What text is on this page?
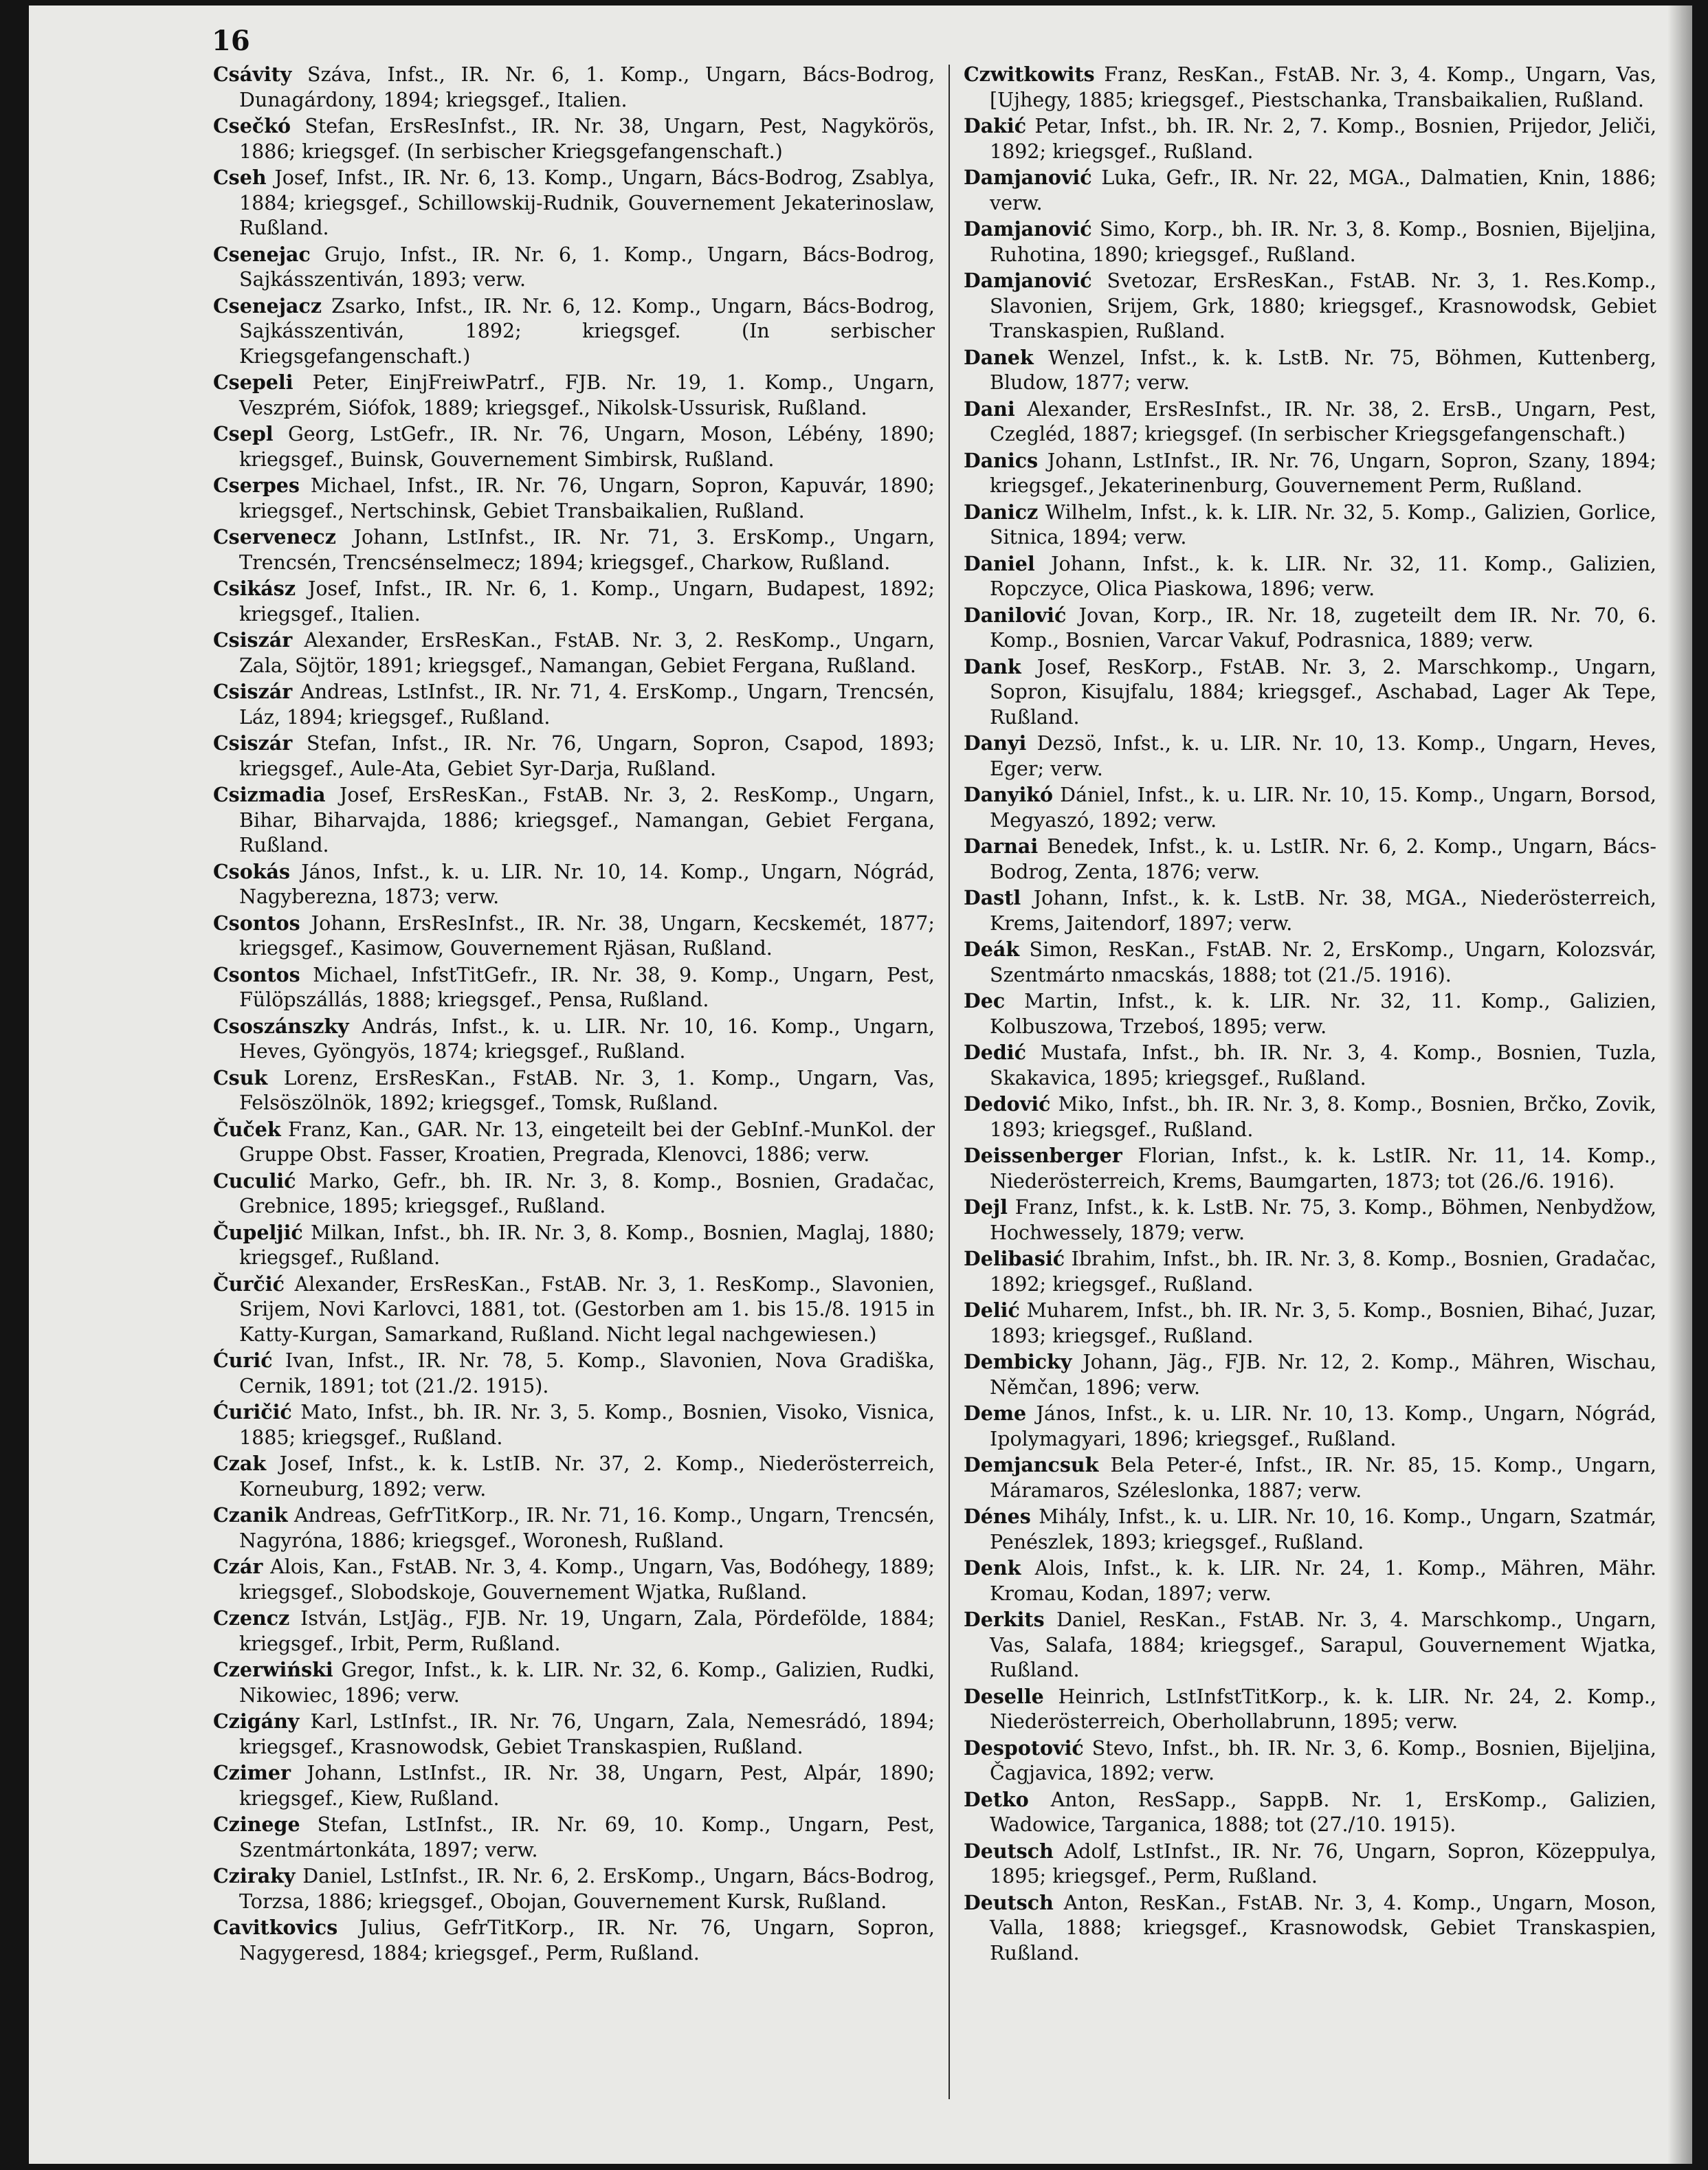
16

Csávity Száva, Infst., IR. Nr. 6, 1. Komp., Ungarn, Bács-Bodrog, Dunagárdony, 1894; kriegsgef., Italien.

Csečkó Stefan, ErsResInfst., IR. Nr. 38, Ungarn, Pest, Nagykörös, 1886; kriegsgef. (In serbischer Kriegsgefangenschaft.)

Cseh Josef, Infst., IR. Nr. 6, 13. Komp., Ungarn, Bács-Bodrog, Zsablya, 1884; kriegsgef., Schillowskij-Rudnik, Gouvernement Jekaterinoslaw, Rußland.

Csenejac Grujo, Infst., IR. Nr. 6, 1. Komp., Ungarn, Bács-Bodrog, Sajkásszentiván, 1893; verw.

Csenejacz Zsarko, Infst., IR. Nr. 6, 12. Komp., Ungarn, Bács-Bodrog, Sajkásszentiván, 1892; kriegsgef. (In serbischer Kriegsgefangenschaft.)

Csepeli Peter, EinjFreiwPatrf., FJB. Nr. 19, 1. Komp., Ungarn, Veszprém, Siófok, 1889; kriegsgef., Nikolsk-Ussurisk, Rußland.

Csepl Georg, LstGefr., IR. Nr. 76, Ungarn, Moson, Lébény, 1890; kriegsgef., Buinsk, Gouvernement Simbirsk, Rußland.

Cserpes Michael, Infst., IR. Nr. 76, Ungarn, Sopron, Kapuvár, 1890; kriegsgef., Nertschinsk, Gebiet Transbaikalien, Rußland.

Cservenecz Johann, LstInfst., IR. Nr. 71, 3. ErsKomp., Ungarn, Trencsén, Trencsénselmecz; 1894; kriegsgef., Charkow, Rußland.

Csikász Josef, Infst., IR. Nr. 6, 1. Komp., Ungarn, Budapest, 1892; kriegsgef., Italien.

Csiszár Alexander, ErsResKan., FstAB. Nr. 3, 2. ResKomp., Ungarn, Zala, Söjtör, 1891; kriegsgef., Namangan, Gebiet Fergana, Rußland.

Csiszár Andreas, LstInfst., IR. Nr. 71, 4. ErsKomp., Ungarn, Trencsén, Láz, 1894; kriegsgef., Rußland.

Csiszár Stefan, Infst., IR. Nr. 76, Ungarn, Sopron, Csapod, 1893; kriegsgef., Aule-Ata, Gebiet Syr-Darja, Rußland.

Csizmadia Josef, ErsResKan., FstAB. Nr. 3, 2. ResKomp., Ungarn, Bihar, Biharvajda, 1886; kriegsgef., Namangan, Gebiet Fergana, Rußland.

Csokás János, Infst., k. u. LIR. Nr. 10, 14. Komp., Ungarn, Nógrád, Nagyberezna, 1873; verw.

Csontos Johann, ErsResInfst., IR. Nr. 38, Ungarn, Kecskemét, 1877; kriegsgef., Kasimow, Gouvernement Rjäsan, Rußland.

Csontos Michael, InfstTitGefr., IR. Nr. 38, 9. Komp., Ungarn, Pest, Fülöpszállás, 1888; kriegsgef., Pensa, Rußland.

Csoszánszky András, Infst., k. u. LIR. Nr. 10, 16. Komp., Ungarn, Heves, Gyöngyös, 1874; kriegsgef., Rußland.

Csuk Lorenz, ErsResKan., FstAB. Nr. 3, 1. Komp., Ungarn, Vas, Felsöszölnök, 1892; kriegsgef., Tomsk, Rußland.

Čuček Franz, Kan., GAR. Nr. 13, eingeteilt bei der GebInf.-MunKol. der Gruppe Obst. Fasser, Kroatien, Pregrada, Klenovci, 1886; verw.

Cuculić Marko, Gefr., bh. IR. Nr. 3, 8. Komp., Bosnien, Gradačac, Grebnice, 1895; kriegsgef., Rußland.

Čupeljić Milkan, Infst., bh. IR. Nr. 3, 8. Komp., Bosnien, Maglaj, 1880; kriegsgef., Rußland.

Čurčić Alexander, ErsResKan., FstAB. Nr. 3, 1. ResKomp., Slavonien, Srijem, Novi Karlovci, 1881, tot. (Gestorben am 1. bis 15./8. 1915 in Katty-Kurgan, Samarkand, Rußland. Nicht legal nachgewiesen.)

Ćurić Ivan, Infst., IR. Nr. 78, 5. Komp., Slavonien, Nova Gradiška, Cernik, 1891; tot (21./2. 1915).

Ćuričić Mato, Infst., bh. IR. Nr. 3, 5. Komp., Bosnien, Visoko, Visnica, 1885; kriegsgef., Rußland.

Czak Josef, Infst., k. k. LstIB. Nr. 37, 2. Komp., Niederösterreich, Korneuburg, 1892; verw.

Czanik Andreas, GefrTitKorp., IR. Nr. 71, 16. Komp., Ungarn, Trencsén, Nagyróna, 1886; kriegsgef., Woronesh, Rußland.

Czár Alois, Kan., FstAB. Nr. 3, 4. Komp., Ungarn, Vas, Bodóhegy, 1889; kriegsgef., Slobodskoje, Gouvernement Wjatka, Rußland.

Czencz István, LstJäg., FJB. Nr. 19, Ungarn, Zala, Pördefölde, 1884; kriegsgef., Irbit, Perm, Rußland.

Czerwiński Gregor, Infst., k. k. LIR. Nr. 32, 6. Komp., Galizien, Rudki, Nikowiec, 1896; verw.

Czigány Karl, LstInfst., IR. Nr. 76, Ungarn, Zala, Nemesrádó, 1894; kriegsgef., Krasnowodsk, Gebiet Transkaspien, Rußland.

Czimer Johann, LstInfst., IR. Nr. 38, Ungarn, Pest, Alpár, 1890; kriegsgef., Kiew, Rußland.

Czinege Stefan, LstInfst., IR. Nr. 69, 10. Komp., Ungarn, Pest, Szentmártonkáta, 1897; verw.

Cziraky Daniel, LstInfst., IR. Nr. 6, 2. ErsKomp., Ungarn, Bács-Bodrog, Torzsa, 1886; kriegsgef., Obojan, Gouvernement Kursk, Rußland.

Cavitkovics Julius, GefrTitKorp., IR. Nr. 76, Ungarn, Sopron, Nagygeresd, 1884; kriegsgef., Perm, Rußland.

Czwitkowits Franz, ResKan., FstAB. Nr. 3, 4. Komp., Ungarn, Vas, [Ujhegy, 1885; kriegsgef., Piestschanka, Transbaikalien, Rußland.

Dakić Petar, Infst., bh. IR. Nr. 2, 7. Komp., Bosnien, Prijedor, Jeliči, 1892; kriegsgef., Rußland.

Damjanović Luka, Gefr., IR. Nr. 22, MGA., Dalmatien, Knin, 1886; verw.

Damjanović Simo, Korp., bh. IR. Nr. 3, 8. Komp., Bosnien, Bijeljina, Ruhotina, 1890; kriegsgef., Rußland.

Damjanović Svetozar, ErsResKan., FstAB. Nr. 3, 1. Res.Komp., Slavonien, Srijem, Grk, 1880; kriegsgef., Krasnowodsk, Gebiet Transkaspien, Rußland.

Danek Wenzel, Infst., k. k. LstB. Nr. 75, Böhmen, Kuttenberg, Bludow, 1877; verw.

Dani Alexander, ErsResInfst., IR. Nr. 38, 2. ErsB., Ungarn, Pest, Czegléd, 1887; kriegsgef. (In serbischer Kriegsgefangenschaft.)

Danics Johann, LstInfst., IR. Nr. 76, Ungarn, Sopron, Szany, 1894; kriegsgef., Jekaterinenburg, Gouvernement Perm, Rußland.

Danicz Wilhelm, Infst., k. k. LIR. Nr. 32, 5. Komp., Galizien, Gorlice, Sitnica, 1894; verw.

Daniel Johann, Infst., k. k. LIR. Nr. 32, 11. Komp., Galizien, Ropczyce, Olica Piaskowa, 1896; verw.

Danilović Jovan, Korp., IR. Nr. 18, zugeteilt dem IR. Nr. 70, 6. Komp., Bosnien, Varcar Vakuf, Podrasnica, 1889; verw.

Dank Josef, ResKorp., FstAB. Nr. 3, 2. Marschkomp., Ungarn, Sopron, Kisujfalu, 1884; kriegsgef., Aschabad, Lager Ak Tepe, Rußland.

Danyi Dezsö, Infst., k. u. LIR. Nr. 10, 13. Komp., Ungarn, Heves, Eger; verw.

Danyikó Dániel, Infst., k. u. LIR. Nr. 10, 15. Komp., Ungarn, Borsod, Megyaszó, 1892; verw.

Darnai Benedek, Infst., k. u. LstIR. Nr. 6, 2. Komp., Ungarn, Bács-Bodrog, Zenta, 1876; verw.

Dastl Johann, Infst., k. k. LstB. Nr. 38, MGA., Niederösterreich, Krems, Jaitendorf, 1897; verw.

Deák Simon, ResKan., FstAB. Nr. 2, ErsKomp., Ungarn, Kolozsvár, Szentmárto nmacskás, 1888; tot (21./5. 1916).

Dec Martin, Infst., k. k. LIR. Nr. 32, 11. Komp., Galizien, Kolbuszowa, Trzeboś, 1895; verw.

Dedić Mustafa, Infst., bh. IR. Nr. 3, 4. Komp., Bosnien, Tuzla, Skakavica, 1895; kriegsgef., Rußland.

Dedović Miko, Infst., bh. IR. Nr. 3, 8. Komp., Bosnien, Brčko, Zovik, 1893; kriegsgef., Rußland.

Deissenberger Florian, Infst., k. k. LstIR. Nr. 11, 14. Komp., Niederösterreich, Krems, Baumgarten, 1873; tot (26./6. 1916).

Dejl Franz, Infst., k. k. LstB. Nr. 75, 3. Komp., Böhmen, Nenbydžow, Hochwessely, 1879; verw.

Delibasić Ibrahim, Infst., bh. IR. Nr. 3, 8. Komp., Bosnien, Gradačac, 1892; kriegsgef., Rußland.

Delić Muharem, Infst., bh. IR. Nr. 3, 5. Komp., Bosnien, Bihać, Juzar, 1893; kriegsgef., Rußland.

Dembicky Johann, Jäg., FJB. Nr. 12, 2. Komp., Mähren, Wischau, Němčan, 1896; verw.

Deme János, Infst., k. u. LIR. Nr. 10, 13. Komp., Ungarn, Nógrád, Ipolymagyari, 1896; kriegsgef., Rußland.

Demjancsuk Bela Peter-é, Infst., IR. Nr. 85, 15. Komp., Ungarn, Máramaros, Széleslonka, 1887; verw.

Dénes Mihály, Infst., k. u. LIR. Nr. 10, 16. Komp., Ungarn, Szatmár, Penészlek, 1893; kriegsgef., Rußland.

Denk Alois, Infst., k. k. LIR. Nr. 24, 1. Komp., Mähren, Mähr. Kromau, Kodan, 1897; verw.

Derkits Daniel, ResKan., FstAB. Nr. 3, 4. Marschkomp., Ungarn, Vas, Salafa, 1884; kriegsgef., Sarapul, Gouvernement Wjatka, Rußland.

Deselle Heinrich, LstInfstTitKorp., k. k. LIR. Nr. 24, 2. Komp., Niederösterreich, Oberhollabrunn, 1895; verw.

Despotović Stevo, Infst., bh. IR. Nr. 3, 6. Komp., Bosnien, Bijeljina, Čagjavica, 1892; verw.

Detko Anton, ResSapp., SappB. Nr. 1, ErsKomp., Galizien, Wadowice, Targanica, 1888; tot (27./10. 1915).

Deutsch Adolf, LstInfst., IR. Nr. 76, Ungarn, Sopron, Közeppulya, 1895; kriegsgef., Perm, Rußland.

Deutsch Anton, ResKan., FstAB. Nr. 3, 4. Komp., Ungarn, Moson, Valla, 1888; kriegsgef., Krasnowodsk, Gebiet Transkaspien, Rußland.
